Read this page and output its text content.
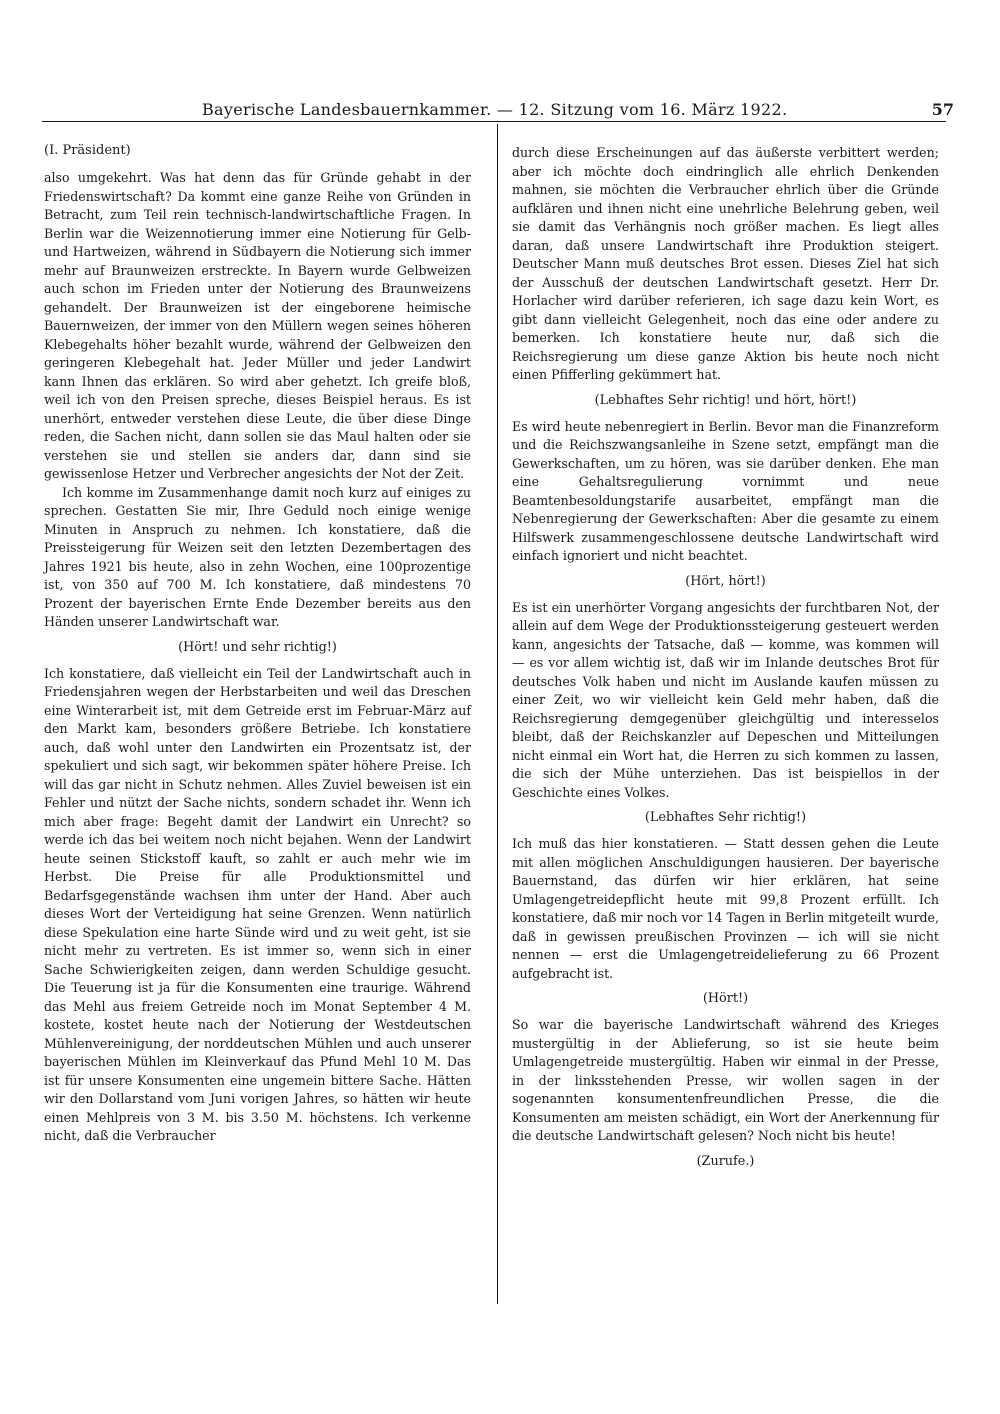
Bayerische Landesbauernkammer. — 12. Sitzung vom 16. März 1922.	57

(I. Präsident)

also umgekehrt. Was hat denn das für Gründe gehabt in der Friedenswirtschaft? Da kommt eine ganze Reihe von Gründen in Betracht, zum Teil rein technisch-landwirtschaftliche Fragen. In Berlin war die Weizennotierung immer eine Notierung für Gelb- und Hartweizen, während in Südbayern die Notierung sich immer mehr auf Braunweizen erstreckte. In Bayern wurde Gelbweizen auch schon im Frieden unter der Notierung des Braunweizens gehandelt. Der Braunweizen ist der eingeborene heimische Bauernweizen, der immer von den Müllern wegen seines höheren Klebegehalts höher bezahlt wurde, während der Gelbweizen den geringeren Klebegehalt hat. Jeder Müller und jeder Landwirt kann Ihnen das erklären. So wird aber gehetzt. Ich greife bloß, weil ich von den Preisen spreche, dieses Beispiel heraus. Es ist unerhört, entweder verstehen diese Leute, die über diese Dinge reden, die Sachen nicht, dann sollen sie das Maul halten oder sie verstehen sie und stellen sie anders dar, dann sind sie gewissenlose Hetzer und Verbrecher angesichts der Not der Zeit.

Ich komme im Zusammenhange damit noch kurz auf einiges zu sprechen. Gestatten Sie mir, Ihre Geduld noch einige wenige Minuten in Anspruch zu nehmen. Ich konstatiere, daß die Preissteigerung für Weizen seit den letzten Dezembertagen des Jahres 1921 bis heute, also in zehn Wochen, eine 100prozentige ist, von 350 auf 700 M. Ich konstatiere, daß mindestens 70 Prozent der bayerischen Ernte Ende Dezember bereits aus den Händen unserer Landwirtschaft war.

(Hört! und sehr richtig!)

Ich konstatiere, daß vielleicht ein Teil der Landwirtschaft auch in Friedensjahren wegen der Herbstarbeiten und weil das Dreschen eine Winterarbeit ist, mit dem Getreide erst im Februar-März auf den Markt kam, besonders größere Betriebe. Ich konstatiere auch, daß wohl unter den Landwirten ein Prozentsatz ist, der spekuliert und sich sagt, wir bekommen später höhere Preise. Ich will das gar nicht in Schutz nehmen. Alles Zuviel beweisen ist ein Fehler und nützt der Sache nichts, sondern schadet ihr. Wenn ich mich aber frage: Begeht damit der Landwirt ein Unrecht? so werde ich das bei weitem noch nicht bejahen. Wenn der Landwirt heute seinen Stickstoff kauft, so zahlt er auch mehr wie im Herbst. Die Preise für alle Produktionsmittel und Bedarfsgegenstände wachsen ihm unter der Hand. Aber auch dieses Wort der Verteidigung hat seine Grenzen. Wenn natürlich diese Spekulation eine harte Sünde wird und zu weit geht, ist sie nicht mehr zu vertreten. Es ist immer so, wenn sich in einer Sache Schwierigkeiten zeigen, dann werden Schuldige gesucht. Die Teuerung ist ja für die Konsumenten eine traurige. Während das Mehl aus freiem Getreide noch im Monat September 4 M. kostete, kostet heute nach der Notierung der Westdeutschen Mühlenvereinigung, der norddeutschen Mühlen und auch unserer bayerischen Mühlen im Kleinverkauf das Pfund Mehl 10 M. Das ist für unsere Konsumenten eine ungemein bittere Sache. Hätten wir den Dollarstand vom Juni vorigen Jahres, so hätten wir heute einen Mehlpreis von 3 M. bis 3.50 M. höchstens. Ich verkenne nicht, daß die Verbraucher

durch diese Erscheinungen auf das äußerste verbittert werden; aber ich möchte doch eindringlich alle ehrlich Denkenden mahnen, sie möchten die Verbraucher ehrlich über die Gründe aufklären und ihnen nicht eine unehrliche Belehrung geben, weil sie damit das Verhängnis noch größer machen. Es liegt alles daran, daß unsere Landwirtschaft ihre Produktion steigert. Deutscher Mann muß deutsches Brot essen. Dieses Ziel hat sich der Ausschuß der deutschen Landwirtschaft gesetzt. Herr Dr. Horlacher wird darüber referieren, ich sage dazu kein Wort, es gibt dann vielleicht Gelegenheit, noch das eine oder andere zu bemerken. Ich konstatiere heute nur, daß sich die Reichsregierung um diese ganze Aktion bis heute noch nicht einen Pfifferling gekümmert hat.

(Lebhaftes Sehr richtig! und hört, hört!)

Es wird heute nebenregiert in Berlin. Bevor man die Finanzreform und die Reichszwangsanleihe in Szene setzt, empfängt man die Gewerkschaften, um zu hören, was sie darüber denken. Ehe man eine Gehaltsregulierung vornimmt und neue Beamtenbesoldungstarife ausarbeitet, empfängt man die Nebenregierung der Gewerkschaften: Aber die gesamte zu einem Hilfswerk zusammengeschlossene deutsche Landwirtschaft wird einfach ignoriert und nicht beachtet.

(Hört, hört!)

Es ist ein unerhörter Vorgang angesichts der furchtbaren Not, der allein auf dem Wege der Produktionssteigerung gesteuert werden kann, angesichts der Tatsache, daß — komme, was kommen will — es vor allem wichtig ist, daß wir im Inlande deutsches Brot für deutsches Volk haben und nicht im Auslande kaufen müssen zu einer Zeit, wo wir vielleicht kein Geld mehr haben, daß die Reichsregierung demgegenüber gleichgültig und interesselos bleibt, daß der Reichskanzler auf Depeschen und Mitteilungen nicht einmal ein Wort hat, die Herren zu sich kommen zu lassen, die sich der Mühe unterziehen. Das ist beispiellos in der Geschichte eines Volkes.

(Lebhaftes Sehr richtig!)

Ich muß das hier konstatieren. — Statt dessen gehen die Leute mit allen möglichen Anschuldigungen hausieren. Der bayerische Bauernstand, das dürfen wir hier erklären, hat seine Umlagengetreidepflicht heute mit 99,8 Prozent erfüllt. Ich konstatiere, daß mir noch vor 14 Tagen in Berlin mitgeteilt wurde, daß in gewissen preußischen Provinzen — ich will sie nicht nennen — erst die Umlagengetreidelieferung zu 66 Prozent aufgebracht ist.

(Hört!)

So war die bayerische Landwirtschaft während des Krieges mustergültig in der Ablieferung, so ist sie heute beim Umlagengetreide mustergültig. Haben wir einmal in der Presse, in der linksstehenden Presse, wir wollen sagen in der sogenannten konsumentenfreundlichen Presse, die die Konsumenten am meisten schädigt, ein Wort der Anerkennung für die deutsche Landwirtschaft gelesen? Noch nicht bis heute!

(Zurufe.)
